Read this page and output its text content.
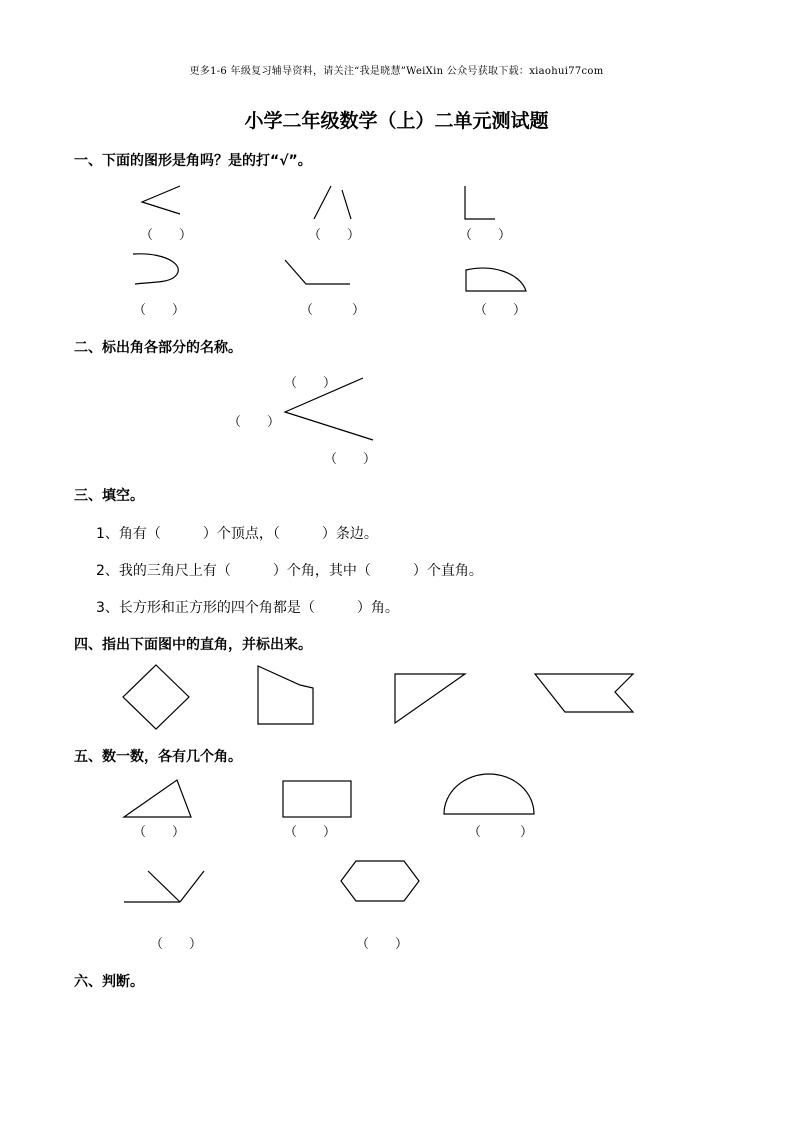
更多1-6 年级复习辅导资料，请关注“我是晓慧”WeiXin 公众号获取下载：xiaohui77com
小学二年级数学（上）二单元测试题
一、下面的图形是角吗？是的打“√”。
（　　）	（　　）	（　　）
（　　）	（　　　）	（　　）
二、标出角各部分的名称。
（　　）
（　　）
（　　）
三、填空。
1、角有（　　　）个顶点，（　　　）条边。
2、我的三角尺上有（　　　）个角，其中（　　　）个直角。
3、长方形和正方形的四个角都是（　　　）角。
四、指出下面图中的直角，并标出来。
五、数一数，各有几个角。
（　　）	（　　）	（　　　）
（　　）	（　　）
六、判断。
